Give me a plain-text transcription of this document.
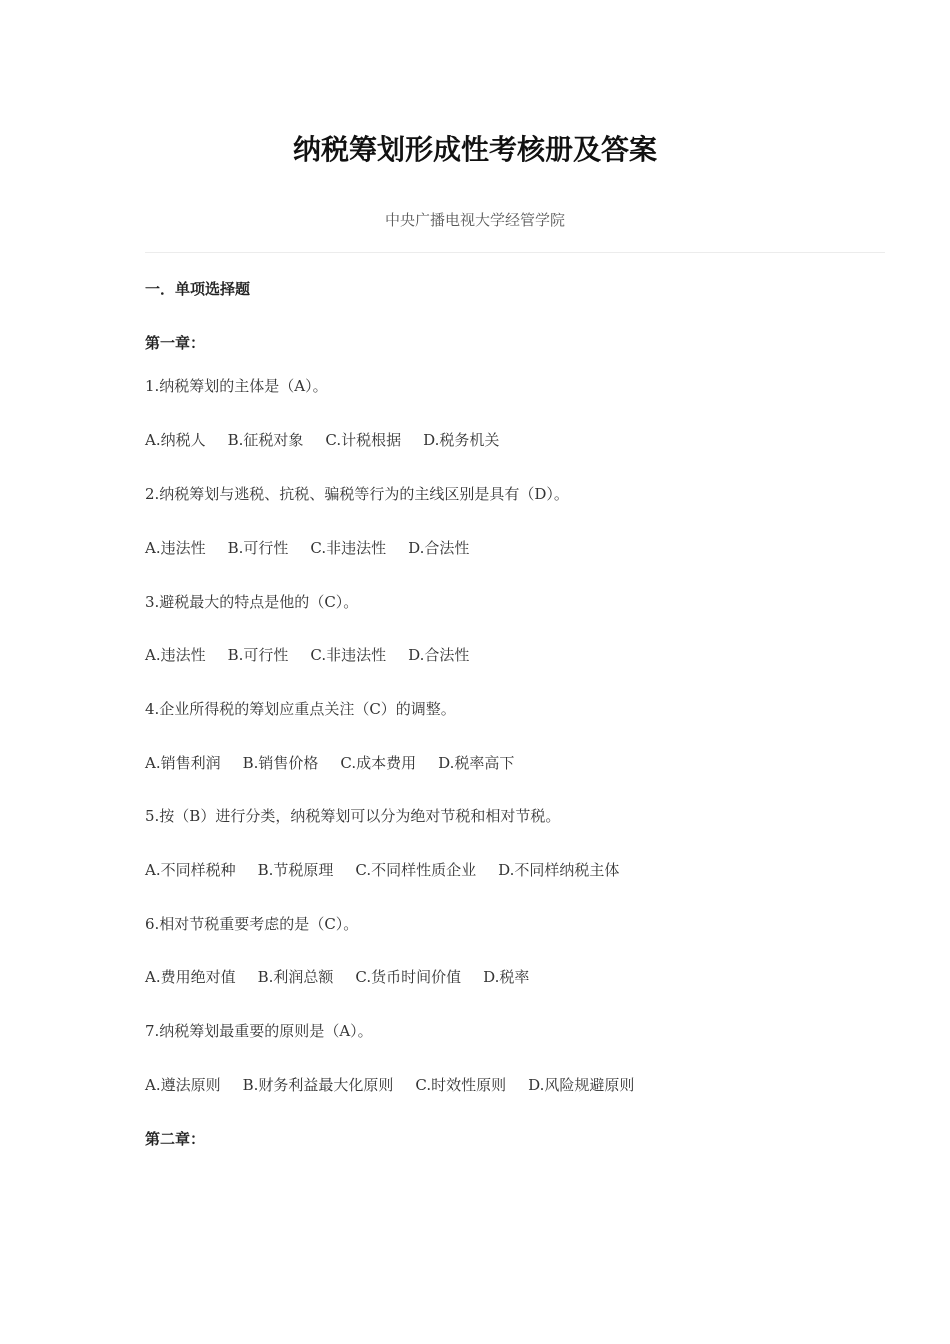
纳税筹划形成性考核册及答案
中央广播电视大学经管学院
一．单项选择题
第一章：
1.纳税筹划的主体是（A）。
A.纳税人 B.征税对象 C.计税根据 D.税务机关
2.纳税筹划与逃税、抗税、骗税等行为的主线区别是具有（D）。
A.违法性 B.可行性 C.非违法性 D.合法性
3.避税最大的特点是他的（C）。
A.违法性 B.可行性 C.非违法性 D.合法性
4.企业所得税的筹划应重点关注（C）的调整。
A.销售利润 B.销售价格 C.成本费用 D.税率高下
5.按（B）进行分类，纳税筹划可以分为绝对节税和相对节税。
A.不同样税种 B.节税原理 C.不同样性质企业 D.不同样纳税主体
6.相对节税重要考虑的是（C）。
A.费用绝对值 B.利润总额 C.货币时间价值 D.税率
7.纳税筹划最重要的原则是（A）。
A.遵法原则 B.财务利益最大化原则 C.时效性原则 D.风险规避原则
第二章：
